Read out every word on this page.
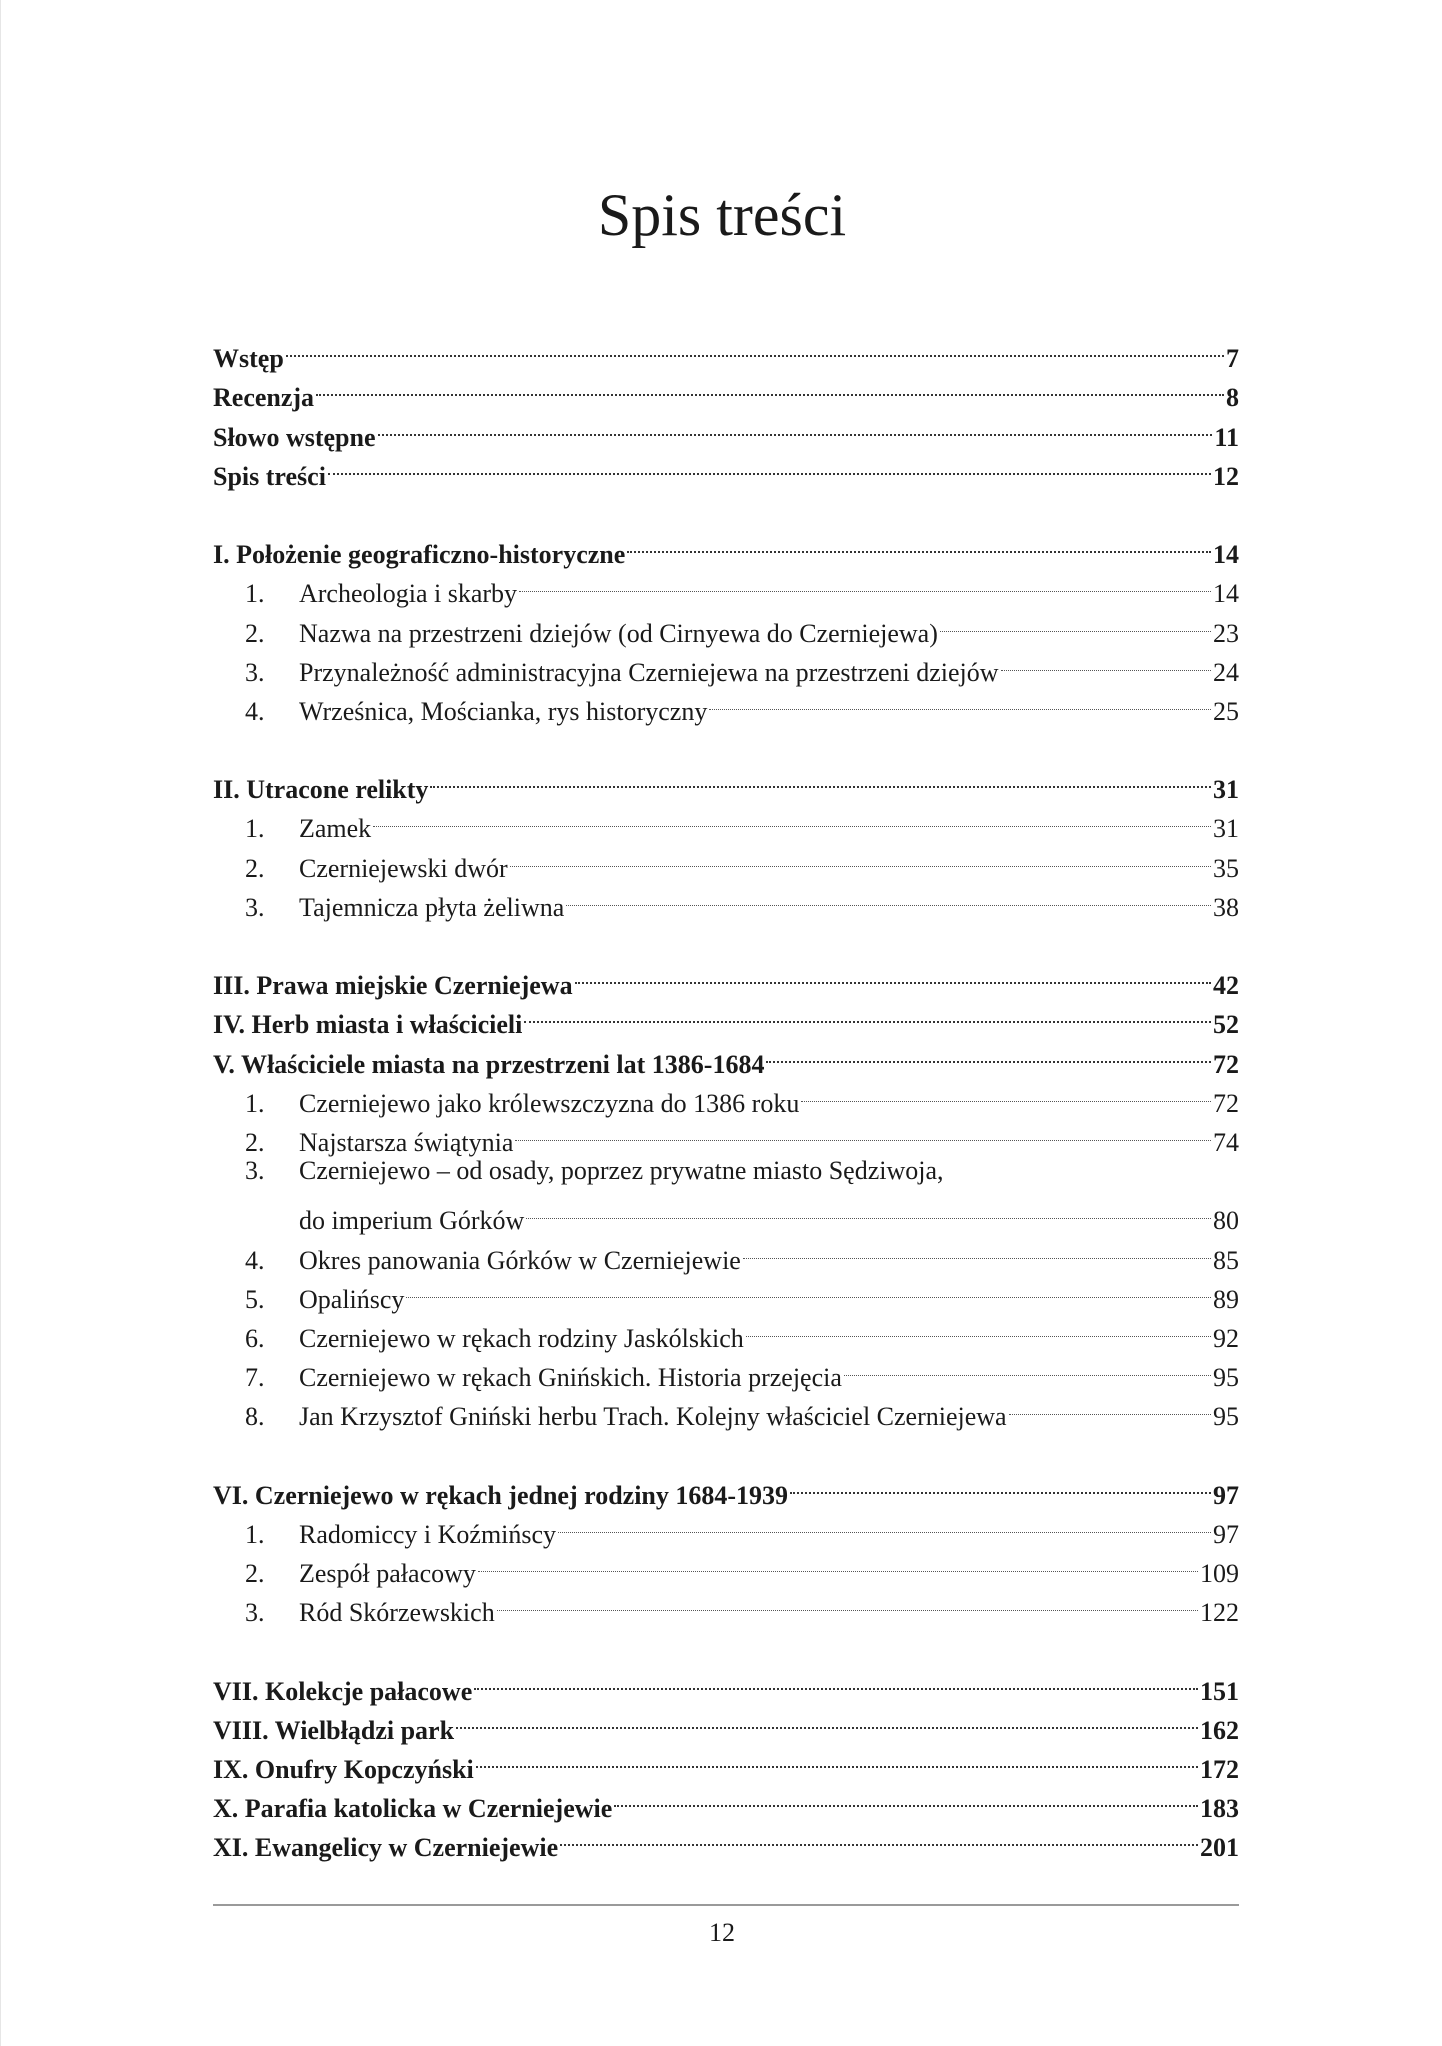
Spis treści
Wstęp	7
Recenzja	8
Słowo wstępne	11
Spis treści	12
I. Położenie geograficzno-historyczne	14
1.	Archeologia i skarby	14
2.	Nazwa na przestrzeni dziejów (od Cirnyewa do Czerniejewa)	23
3.	Przynależność administracyjna Czerniejewa na przestrzeni dziejów	24
4.	Wrześnica, Mościanka, rys historyczny	25
II. Utracone relikty	31
1.	Zamek	31
2.	Czerniejewski dwór	35
3.	Tajemnicza płyta żeliwna	38
III. Prawa miejskie Czerniejewa	42
IV. Herb miasta i właścicieli	52
V. Właściciele miasta na przestrzeni lat 1386-1684	72
1.	Czerniejewo jako królewszczyzna do 1386 roku	72
2.	Najstarsza świątynia	74
3.	Czerniejewo – od osady, poprzez prywatne miasto Sędziwoja,
do imperium Górków	80
4.	Okres panowania Górków w Czerniejewie	85
5.	Opalińscy	89
6.	Czerniejewo w rękach rodziny Jaskólskich	92
7.	Czerniejewo w rękach Gnińskich. Historia przejęcia	95
8.	Jan Krzysztof Gniński herbu Trach. Kolejny właściciel Czerniejewa	95
VI. Czerniejewo w rękach jednej rodziny 1684-1939	97
1.	Radomiccy i Koźmińscy	97
2.	Zespół pałacowy	109
3.	Ród Skórzewskich	122
VII. Kolekcje pałacowe	151
VIII. Wielbłądzi park	162
IX. Onufry Kopczyński	172
X. Parafia katolicka w Czerniejewie	183
XI. Ewangelicy w Czerniejewie	201
12
